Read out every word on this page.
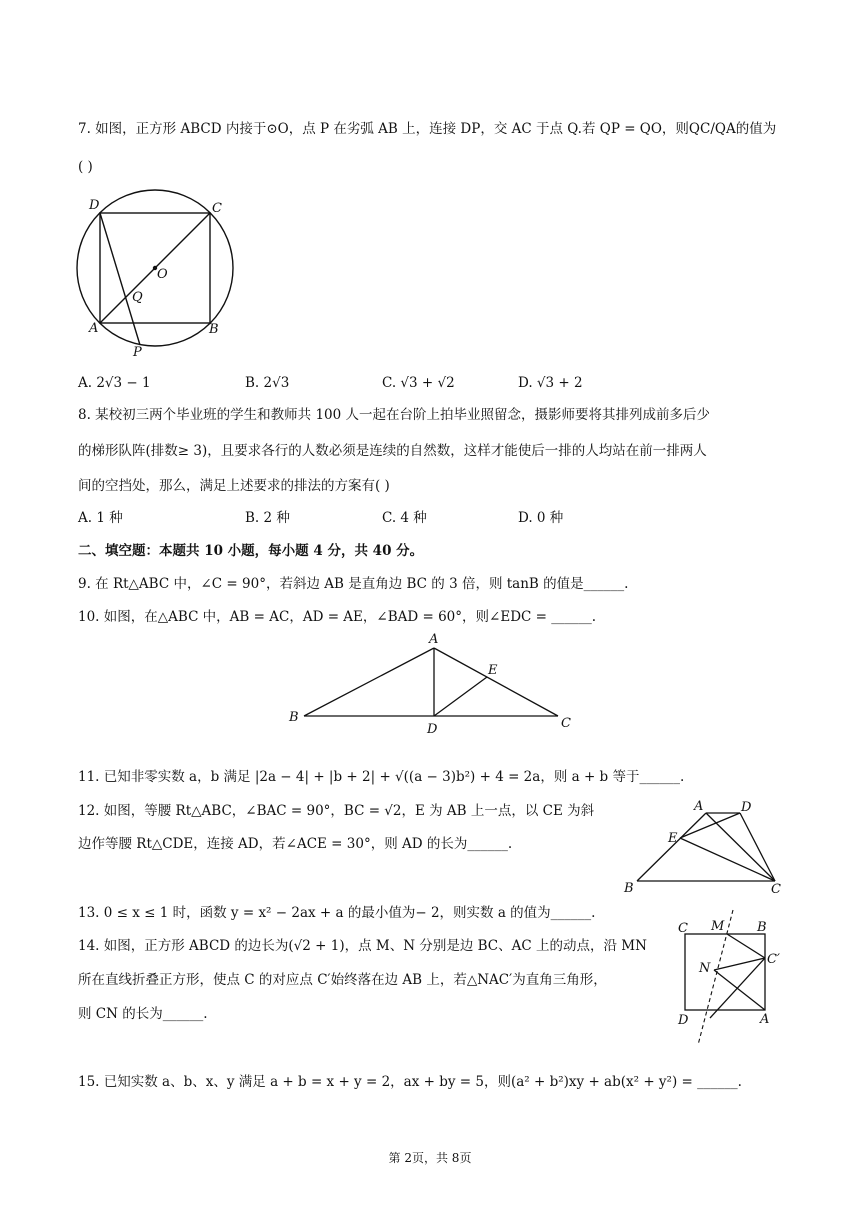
7. 如图，正方形 ABCD 内接于⊙O，点 P 在劣弧 AB 上，连接 DP，交 AC 于点 Q.若 QP = QO，则QC/QA的值为
( )
D	C
O
Q
A	B
P
A. 2√3 − 1	B. 2√3	C. √3 + √2	D. √3 + 2
8. 某校初三两个毕业班的学生和教师共 100 人一起在台阶上拍毕业照留念，摄影师要将其排列成前多后少
的梯形队阵(排数≥ 3)，且要求各行的人数必须是连续的自然数，这样才能使后一排的人均站在前一排两人
间的空挡处，那么，满足上述要求的排法的方案有( )
A. 1 种	B. 2 种	C. 4 种	D. 0 种
二、填空题：本题共 10 小题，每小题 4 分，共 40 分。
9. 在 Rt△ABC 中，∠C = 90°，若斜边 AB 是直角边 BC 的 3 倍，则 tanB 的值是______.
10. 如图，在△ABC 中，AB = AC，AD = AE，∠BAD = 60°，则∠EDC = ______.
A
E
B
D	C
11. 已知非零实数 a，b 满足 |2a − 4| + |b + 2| + √((a − 3)b²) + 4 = 2a，则 a + b 等于______.
12. 如图，等腰 Rt△ABC，∠BAC = 90°，BC = √2，E 为 AB 上一点，以 CE 为斜
边作等腰 Rt△CDE，连接 AD，若∠ACE = 30°，则 AD 的长为______.
A	D
E
B	C
13. 0 ≤ x ≤ 1 时，函数 y = x² − 2ax + a 的最小值为− 2，则实数 a 的值为______.
14. 如图，正方形 ABCD 的边长为(√2 + 1)，点 M、N 分别是边 BC、AC 上的动点，沿 MN
所在直线折叠正方形，使点 C 的对应点 C′始终落在边 AB 上，若△NAC′为直角三角形，
则 CN 的长为______.
C M	B
N
C′
D	A
15. 已知实数 a、b、x、y 满足 a + b = x + y = 2，ax + by = 5，则(a² + b²)xy + ab(x² + y²) = ______.
第 2页，共 8页
